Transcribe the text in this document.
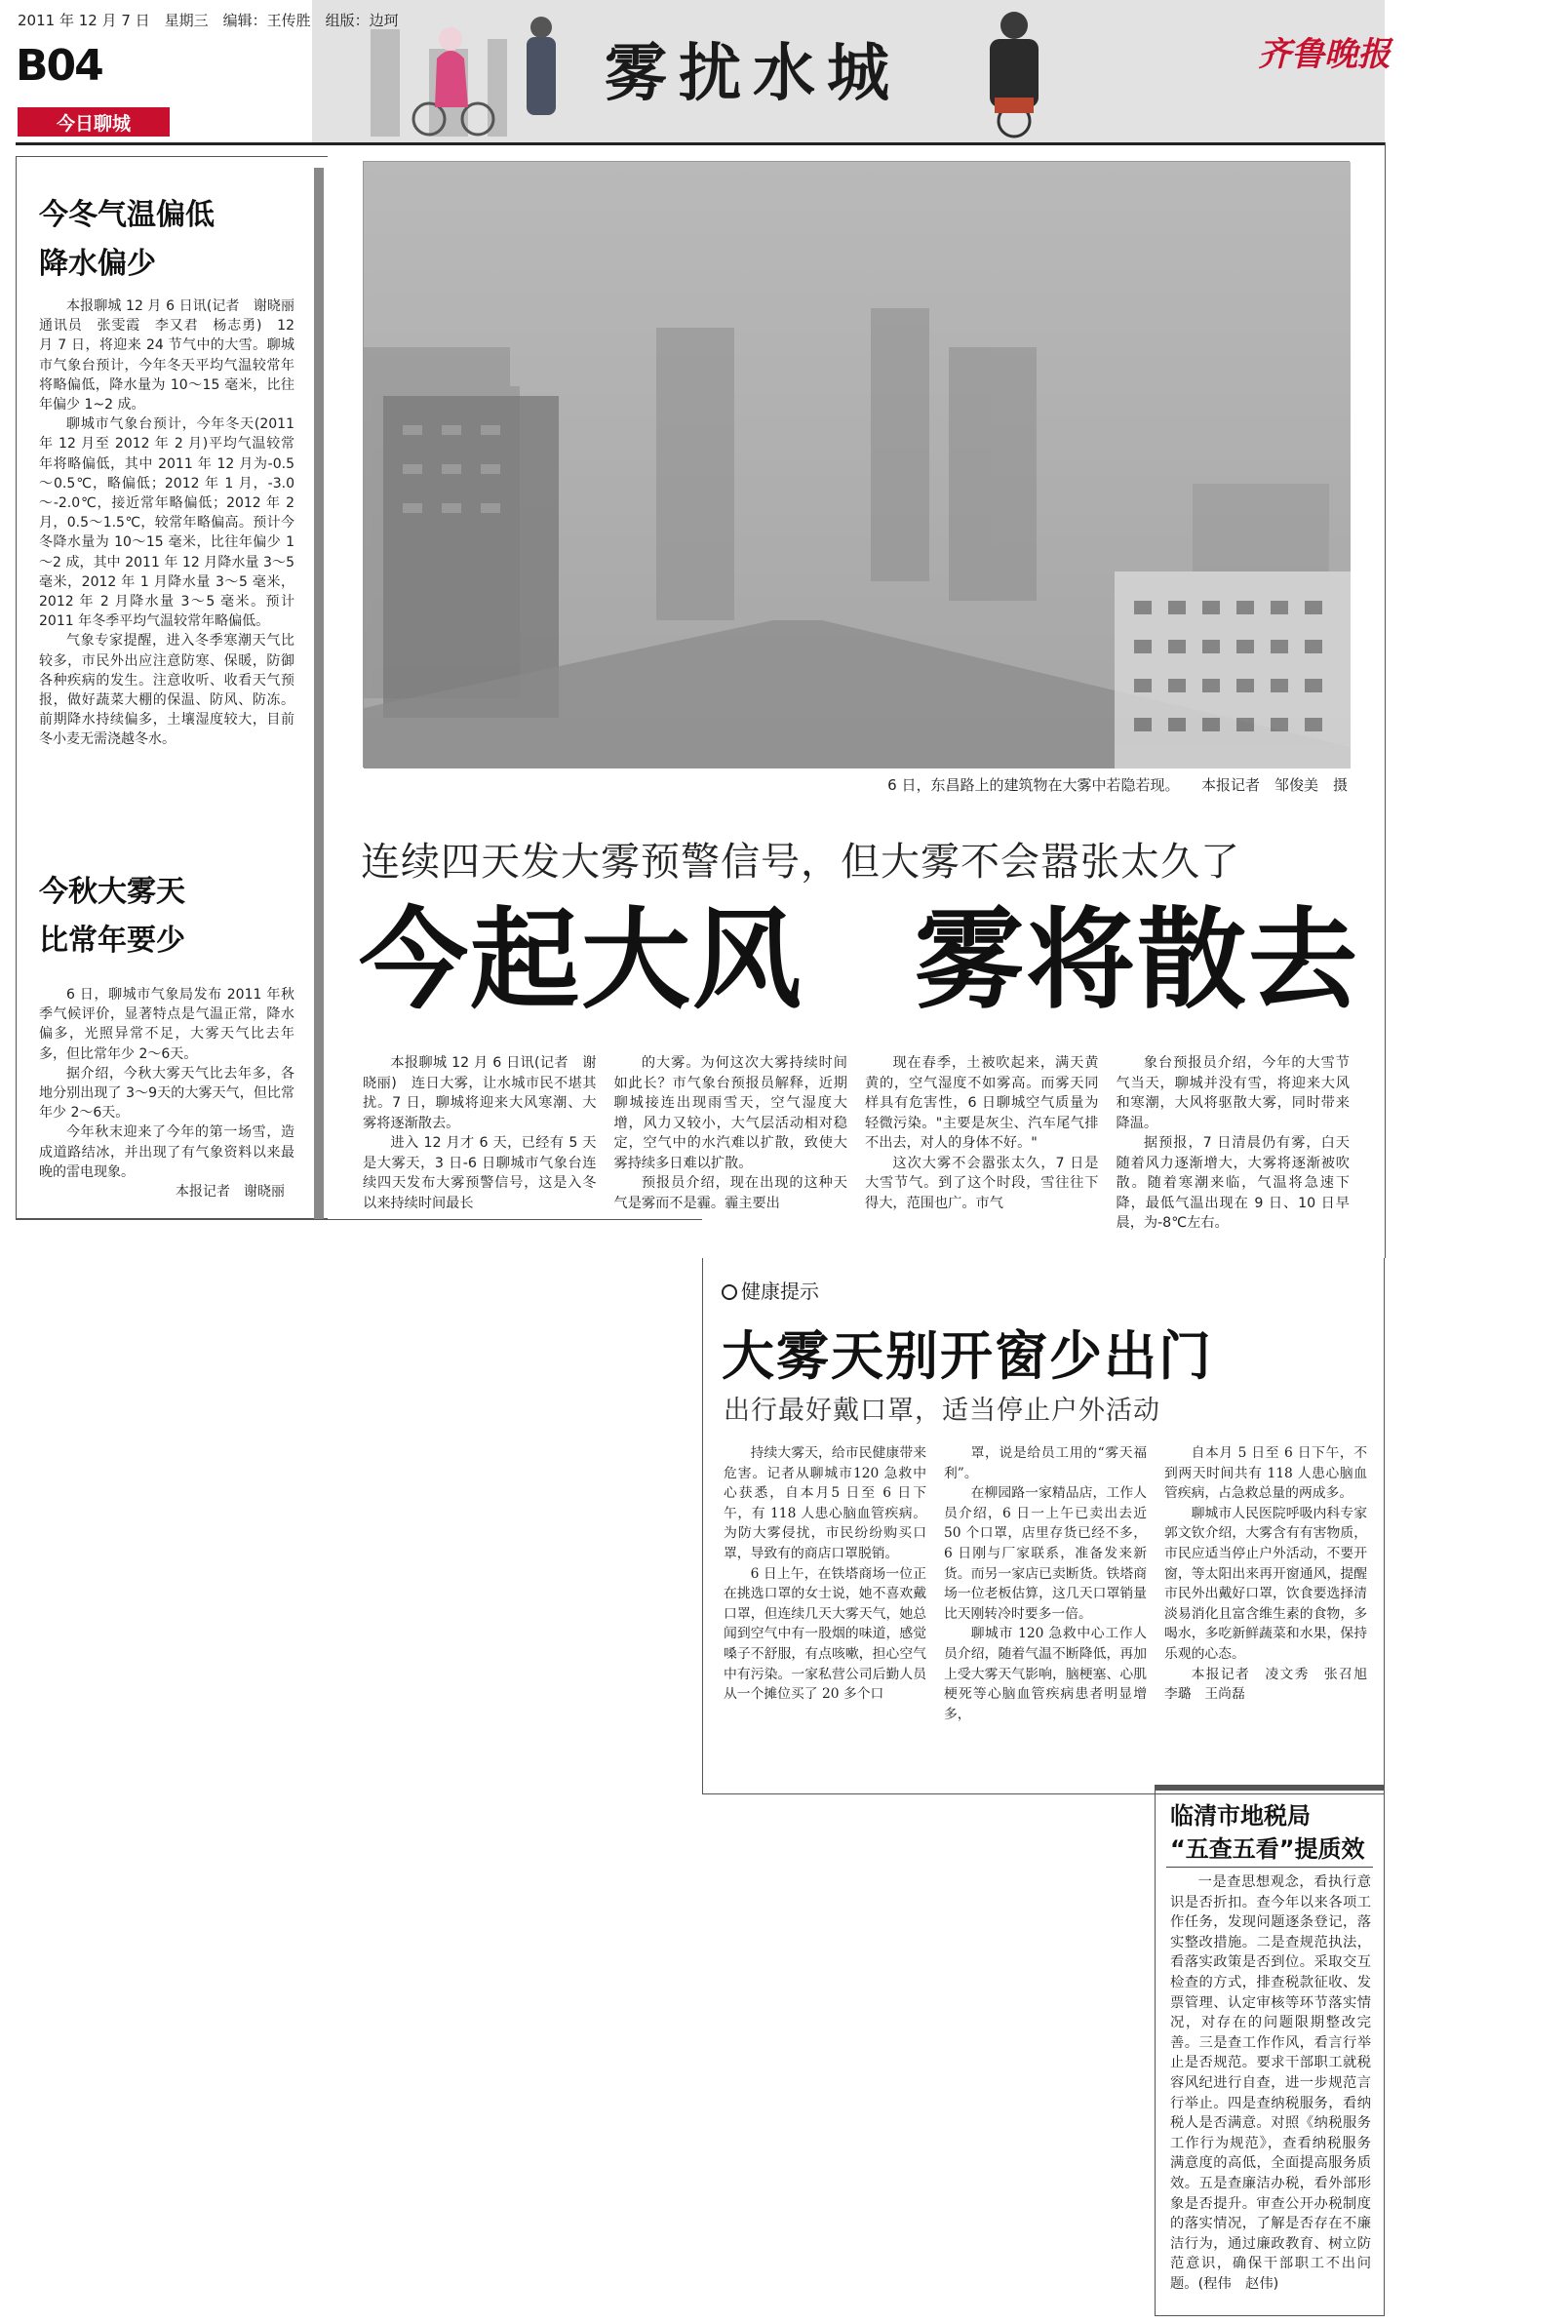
2011 年 12 月 7 日　星期三　编辑：王传胜　组版：边珂
B04
今日聊城
雾扰水城	齐鲁晚报
今冬气温偏低
降水偏少

本报聊城 12 月 6 日讯(记者　谢晓丽　通讯员　张雯霞　李又君　杨志勇)　12 月 7 日，将迎来 24 节气中的大雪。聊城市气象台预计，今年冬天平均气温较常年将略偏低，降水量为 10～15 毫米，比往年偏少 1~2 成。

聊城市气象台预计，今年冬天(2011 年 12 月至 2012 年 2 月)平均气温较常年将略偏低，其中 2011 年 12 月为-0.5～0.5℃，略偏低；2012 年 1 月，-3.0～-2.0℃，接近常年略偏低；2012 年 2 月，0.5～1.5℃，较常年略偏高。预计今冬降水量为 10～15 毫米，比往年偏少 1～2 成，其中 2011 年 12 月降水量 3～5 毫米，2012 年 1 月降水量 3～5 毫米，2012 年 2 月降水量 3～5 毫米。预计 2011 年冬季平均气温较常年略偏低。

气象专家提醒，进入冬季寒潮天气比较多，市民外出应注意防寒、保暖，防御各种疾病的发生。注意收听、收看天气预报，做好蔬菜大棚的保温、防风、防冻。前期降水持续偏多，土壤湿度较大，目前冬小麦无需浇越冬水。

今秋大雾天
比常年要少

6 日，聊城市气象局发布 2011 年秋季气候评价，显著特点是气温正常，降水偏多，光照异常不足，大雾天气比去年多，但比常年少 2～6天。

据介绍，今秋大雾天气比去年多，各地分别出现了 3～9天的大雾天气，但比常年少 2～6天。

今年秋末迎来了今年的第一场雪，造成道路结冰，并出现了有气象资料以来最晚的雷电现象。

本报记者　谢晓丽
6 日，东昌路上的建筑物在大雾中若隐若现。　　本报记者　邹俊美　摄
连续四天发大雾预警信号，但大雾不会嚣张太久了
今起大风　雾将散去

本报聊城 12 月 6 日讯(记者　谢晓丽)　连日大雾，让水城市民不堪其扰。7 日，聊城将迎来大风寒潮、大雾将逐渐散去。

进入 12 月才 6 天，已经有 5 天是大雾天，3 日-6 日聊城市气象台连续四天发布大雾预警信号，这是入冬以来持续时间最长

的大雾。为何这次大雾持续时间如此长？市气象台预报员解释，近期聊城接连出现雨雪天，空气湿度大增，风力又较小，大气层活动相对稳定，空气中的水汽难以扩散，致使大雾持续多日难以扩散。

预报员介绍，现在出现的这种天气是雾而不是霾。霾主要出

现在春季，土被吹起来，满天黄黄的，空气湿度不如雾高。而雾天同样具有危害性，6 日聊城空气质量为轻微污染。"主要是灰尘、汽车尾气排不出去，对人的身体不好。"

这次大雾不会嚣张太久，7 日是大雪节气。到了这个时段，雪往往下得大，范围也广。市气

象台预报员介绍，今年的大雪节气当天，聊城并没有雪，将迎来大风和寒潮，大风将驱散大雾，同时带来降温。

据预报，7 日清晨仍有雾，白天随着风力逐渐增大，大雾将逐渐被吹散。随着寒潮来临，气温将急速下降，最低气温出现在 9 日、10 日早晨，为-8℃左右。

健康提示
大雾天别开窗少出门
出行最好戴口罩，适当停止户外活动

持续大雾天，给市民健康带来危害。记者从聊城市120 急救中心获悉，自本月5 日至 6 日下午，有 118 人患心脑血管疾病。为防大雾侵扰，市民纷纷购买口罩，导致有的商店口罩脱销。

6 日上午，在铁塔商场一位正在挑选口罩的女士说，她不喜欢戴口罩，但连续几天大雾天气，她总闻到空气中有一股烟的味道，感觉嗓子不舒服，有点咳嗽，担心空气中有污染。一家私营公司后勤人员从一个摊位买了 20 多个口

罩，说是给员工用的“雾天福利”。

在柳园路一家精品店，工作人员介绍，6 日一上午已卖出去近 50 个口罩，店里存货已经不多，6 日刚与厂家联系，准备发来新货。而另一家店已卖断货。铁塔商场一位老板估算，这几天口罩销量比天刚转冷时要多一倍。

聊城市 120 急救中心工作人员介绍，随着气温不断降低，再加上受大雾天气影响，脑梗塞、心肌梗死等心脑血管疾病患者明显增多，

自本月 5 日至 6 日下午，不到两天时间共有 118 人患心脑血管疾病，占急救总量的两成多。

聊城市人民医院呼吸内科专家郭文钦介绍，大雾含有有害物质，市民应适当停止户外活动，不要开窗，等太阳出来再开窗通风，提醒市民外出戴好口罩，饮食要选择清淡易消化且富含维生素的食物，多喝水，多吃新鲜蔬菜和水果，保持乐观的心态。

本报记者　凌文秀　张召旭　李璐　王尚磊

临清市地税局
“五查五看”提质效

一是查思想观念，看执行意识是否折扣。查今年以来各项工作任务，发现问题逐条登记，落实整改措施。二是查规范执法，看落实政策是否到位。采取交互检查的方式，排查税款征收、发票管理、认定审核等环节落实情况，对存在的问题限期整改完善。三是查工作作风，看言行举止是否规范。要求干部职工就税容风纪进行自查，进一步规范言行举止。四是查纳税服务，看纳税人是否满意。对照《纳税服务工作行为规范》，查看纳税服务满意度的高低，全面提高服务质效。五是查廉洁办税，看外部形象是否提升。审查公开办税制度的落实情况，了解是否存在不廉洁行为，通过廉政教育、树立防范意识，确保干部职工不出问题。(程伟　赵伟)
